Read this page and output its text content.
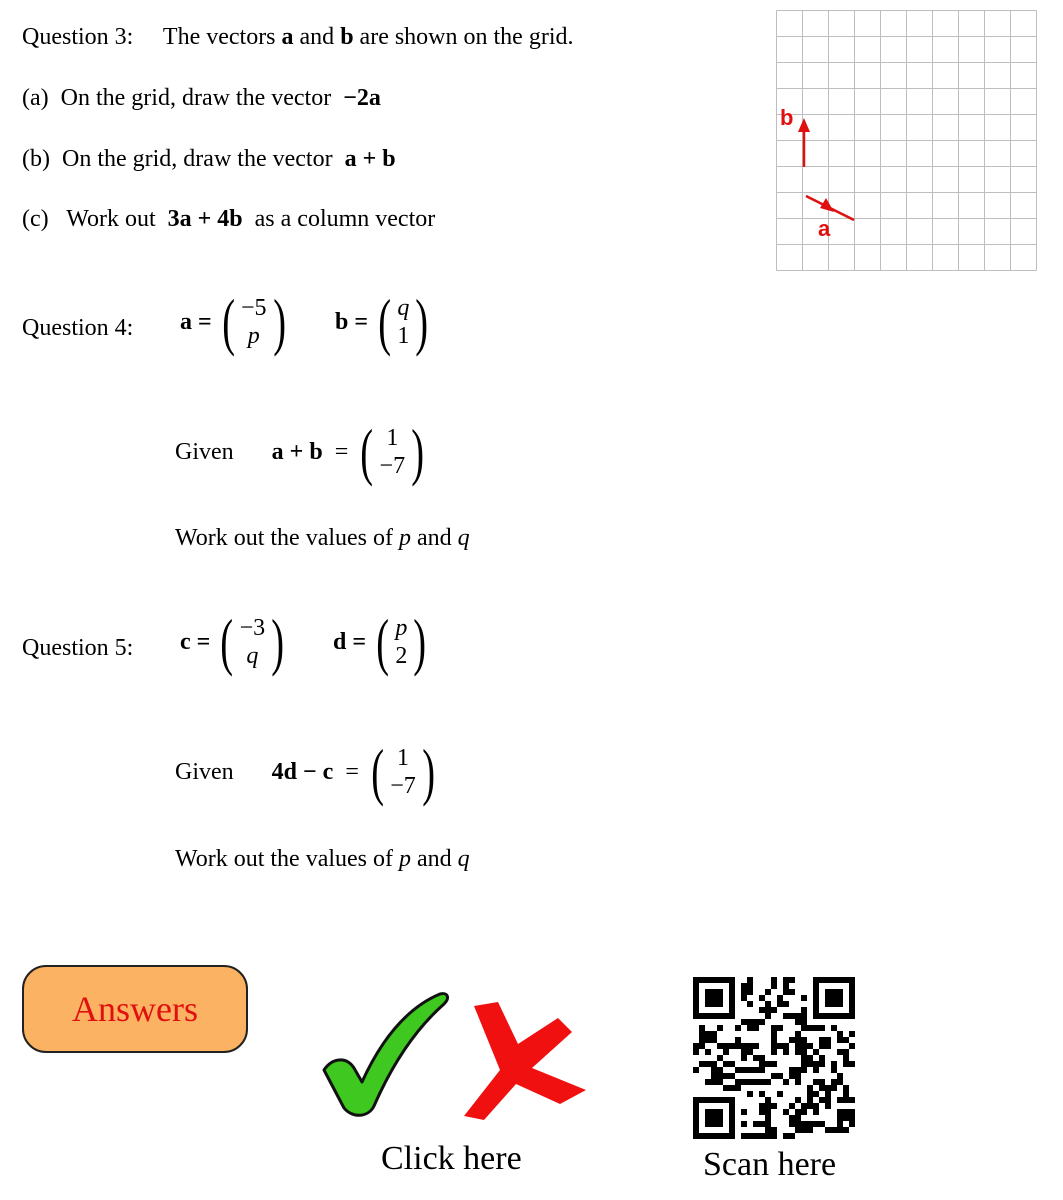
Question 3: The vectors a and b are shown on the grid.
(a) On the grid, draw the vector −2a
(b) On the grid, draw the vector a + b
(c) Work out 3a + 4b as a column vector
b
a
Question 4: a = ( −5
p ) b = ( q
1 )
Given a + b = ( 1
−7 )
Work out the values of p and q
Question 5: c = ( −3
q ) d = ( p
2 )
Given 4d − c = ( 1
−7 )
Work out the values of p and q
Answers
Click here	Scan here
